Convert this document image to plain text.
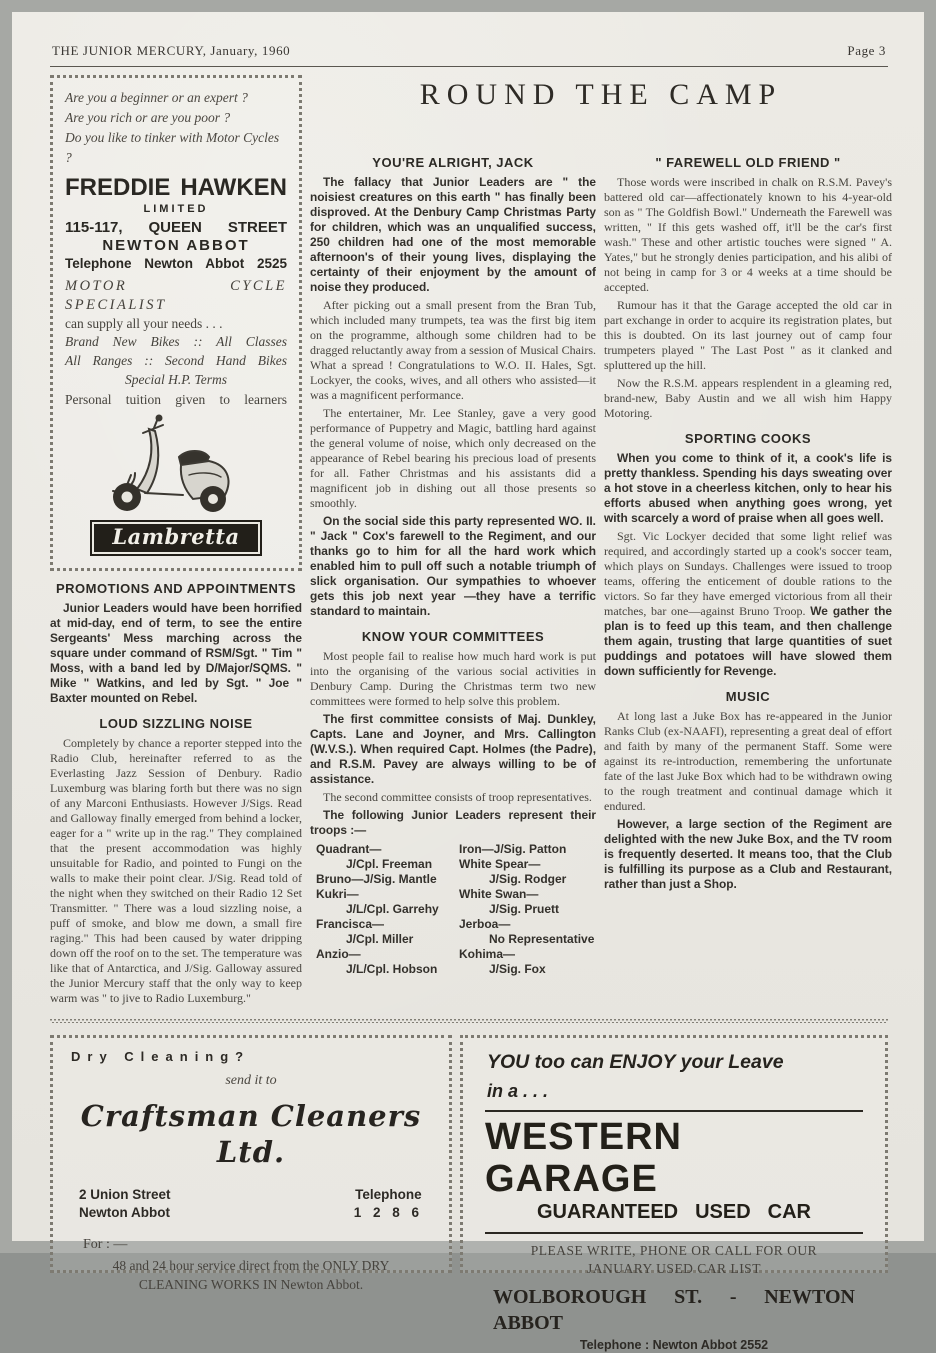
THE JUNIOR MERCURY, January, 1960	Page 3
Are you a beginner or an expert ?
Are you rich or are you poor ?
Do you like to tinker with Motor Cycles ?
FREDDIE HAWKEN
LIMITED
115-117, QUEEN STREET
NEWTON ABBOT
Telephone Newton Abbot 2525
MOTOR CYCLE SPECIALIST
can supply all your needs . . .
Brand New Bikes :: All Classes
All Ranges :: Second Hand Bikes
Special H.P. Terms
Personal tuition given to learners
Lambretta
PROMOTIONS AND APPOINTMENTS

Junior Leaders would have been horrified at mid-day, end of term, to see the entire Sergeants' Mess marching across the square under command of RSM/Sgt. " Tim " Moss, with a band led by D/Major/SQMS. " Mike " Watkins, and led by Sgt. " Joe " Baxter mounted on Rebel.

LOUD SIZZLING NOISE

Completely by chance a reporter stepped into the Radio Club, hereinafter referred to as the Everlasting Jazz Session of Denbury. Radio Luxemburg was blaring forth but there was no sign of any Marconi Enthusiasts. However J/Sigs. Read and Galloway finally emerged from behind a locker, eager for a " write up in the rag." They complained that the present accommodation was highly unsuitable for Radio, and pointed to Fungi on the walls to make their point clear. J/Sig. Read told of the night when they switched on their Radio 12 Set Transmitter. " There was a loud sizzling noise, a puff of smoke, and blow me down, a small fire raging." This had been caused by water dripping down off the roof on to the set. The temperature was like that of Antarctica, and J/Sig. Galloway assured the Junior Mercury staff that the only way to keep warm was " to jive to Radio Luxemburg."

ROUND THE CAMP
YOU'RE ALRIGHT, JACK

The fallacy that Junior Leaders are " the noisiest creatures on this earth " has finally been disproved. At the Denbury Camp Christmas Party for children, which was an unqualified success, 250 children had one of the most memorable afternoon's of their young lives, displaying the certainty of their enjoyment by the amount of noise they produced.

After picking out a small present from the Bran Tub, which included many trumpets, tea was the first big item on the programme, although some children had to be dragged reluctantly away from a session of Musical Chairs. What a spread ! Congratulations to W.O. II. Hales, Sgt. Lockyer, the cooks, wives, and all others who assisted—it was a magnificent performance.

The entertainer, Mr. Lee Stanley, gave a very good performance of Puppetry and Magic, battling hard against the general volume of noise, which only decreased on the appearance of Rebel bearing his precious load of presents for all. Father Christmas and his assistants did a magnificent job in dishing out all those presents so smoothly.

On the social side this party represented WO. II. " Jack " Cox's farewell to the Regiment, and our thanks go to him for all the hard work which enabled him to pull off such a notable triumph of slick organisation. Our sympathies to whoever gets this job next year —they have a terrific standard to maintain.

KNOW YOUR COMMITTEES

Most people fail to realise how much hard work is put into the organising of the various social activities in Denbury Camp. During the Christmas term two new committees were formed to help solve this problem.

The first committee consists of Maj. Dunkley, Capts. Lane and Joyner, and Mrs. Callington (W.V.S.). When required Capt. Holmes (the Padre), and R.S.M. Pavey are always willing to be of assistance.

The second committee consists of troop representatives.

The following Junior Leaders represent their troops :—

Quadrant—
J/Cpl. Freeman
Bruno—J/Sig. Mantle
Kukri—
J/L/Cpl. Garrehy
Francisca—
J/Cpl. Miller
Anzio—
J/L/Cpl. Hobson
Iron—J/Sig. Patton
White Spear—
J/Sig. Rodger
White Swan—
J/Sig. Pruett
Jerboa—
No Representative
Kohima—
J/Sig. Fox
" FAREWELL OLD FRIEND "

Those words were inscribed in chalk on R.S.M. Pavey's battered old car—affectionately known to his 4-year-old son as " The Goldfish Bowl." Underneath the Farewell was written, " If this gets washed off, it'll be the car's first wash." These and other artistic touches were signed " A. Yates," but he strongly denies participation, and his alibi of not being in camp for 3 or 4 weeks at a time should be accepted.

Rumour has it that the Garage accepted the old car in part exchange in order to acquire its registration plates, but this is doubted. On its last journey out of camp four trumpeters played " The Last Post " as it clanked and spluttered up the hill.

Now the R.S.M. appears resplendent in a gleaming red, brand-new, Baby Austin and we all wish him Happy Motoring.

SPORTING COOKS

When you come to think of it, a cook's life is pretty thankless. Spending his days sweating over a hot stove in a cheerless kitchen, only to hear his efforts abused when anything goes wrong, yet with scarcely a word of praise when all goes well.

Sgt. Vic Lockyer decided that some light relief was required, and accordingly started up a cook's soccer team, which plays on Sundays. Challenges were issued to troop teams, offering the enticement of double rations to the victors. So far they have emerged victorious from all their matches, bar one—against Bruno Troop. We gather the plan is to feed up this team, and then challenge them again, trusting that large quantities of suet puddings and potatoes will have slowed them down sufficiently for Revenge.

MUSIC

At long last a Juke Box has re-appeared in the Junior Ranks Club (ex-NAAFI), representing a great deal of effort and faith by many of the permanent Staff. Some were against its re-introduction, remembering the unfortunate fate of the last Juke Box which had to be withdrawn owing to the rough treatment and continual damage which it endured.

However, a large section of the Regiment are delighted with the new Juke Box, and the TV room is frequently deserted. It means too, that the Club is fulfilling its purpose as a Club and Restaurant, rather than just a Shop.

Dry Cleaning?
send it to
Craftsman Cleaners Ltd.
2 Union Street
Newton Abbot
Telephone
1 2 8 6
For : —
48 and 24 hour service direct from the ONLY DRY CLEANING WORKS IN Newton Abbot.
YOU too can ENJOY your Leave
in a . . .
WESTERN GARAGE
GUARANTEED USED CAR
PLEASE WRITE, PHONE OR CALL FOR OUR
JANUARY USED CAR LIST
WOLBOROUGH ST. - NEWTON ABBOT
Telephone : Newton Abbot 2552
